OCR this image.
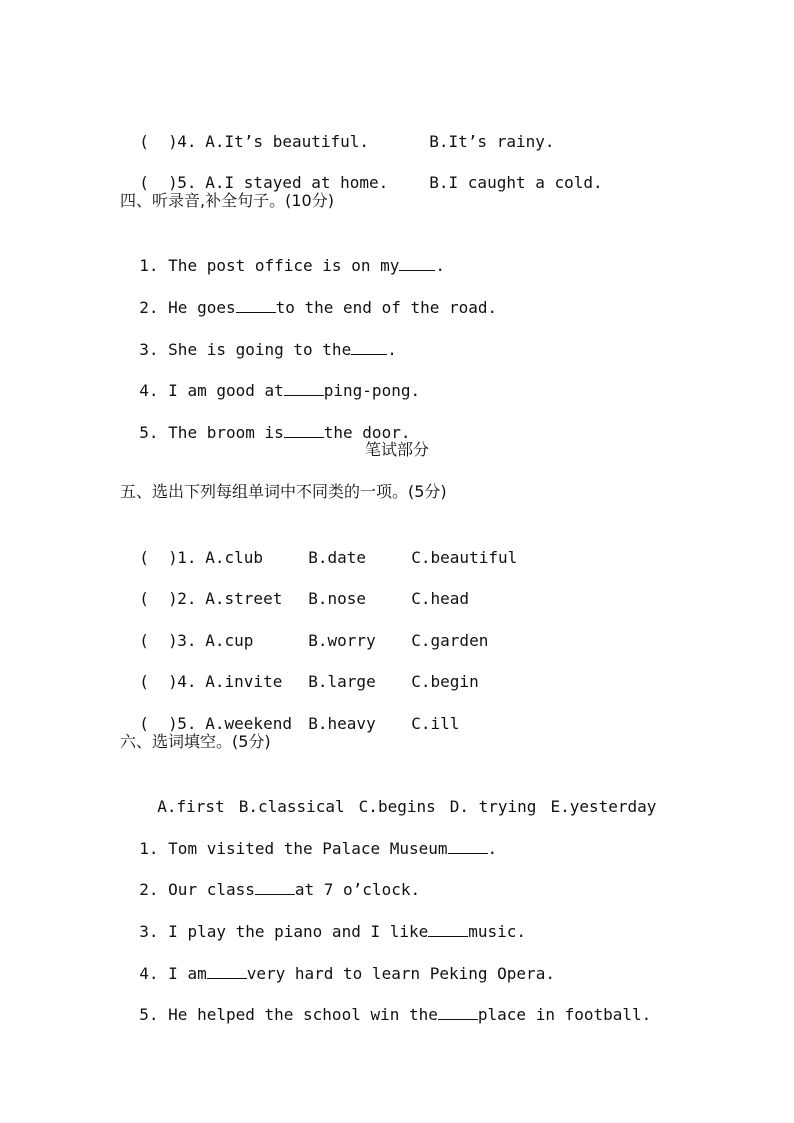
(  )4. A.It’s beautiful.	B.It’s rainy.

(  )5. A.I stayed at home.	B.I caught a cold.

四、听录音,补全句子。(10分)

1. The post office is on my .

2. He goes	to the end of the road.

3. She is going to the .

4. I am good at	ping-pong.

5. The broom is	the door.

笔试部分
五、选出下列每组单词中不同类的一项。(5分)

(  )1. A.club	B.date	C.beautiful

(  )2. A.street B.nose	C.head

(  )3. A.cup	B.worry C.garden

(  )4. A.invite B.large C.begin

(  )5. A.weekend B.heavy C.ill

六、选词填空。(5分)

A.first B.classical C.begins D. trying E.yesterday

1. Tom visited the Palace Museum	.

2. Our class	at 7 o’clock.

3. I play the piano and I like	music.

4. I am	very hard to learn Peking Opera.

5. He helped the school win the	place in football.
